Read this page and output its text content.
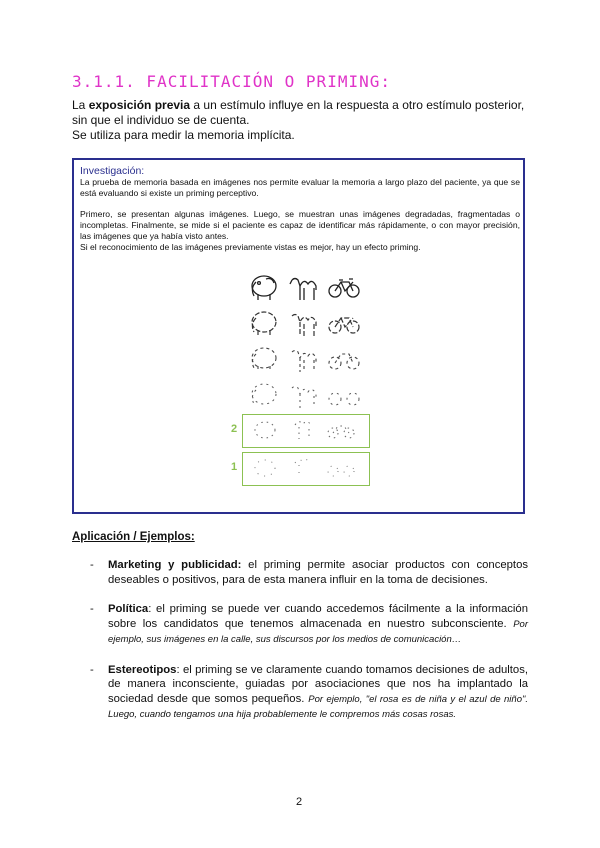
3.1.1. FACILITACIÓN O PRIMING:

La exposición previa a un estímulo influye en la respuesta a otro estímulo posterior, sin que el individuo se de cuenta.

Se utiliza para medir la memoria implícita.

Investigación:

La prueba de memoria basada en imágenes nos permite evaluar la memoria a largo plazo del paciente, ya que se está evaluando si existe un priming perceptivo.

Primero, se presentan algunas imágenes. Luego, se muestran unas imágenes degradadas, fragmentadas o incompletas. Finalmente, se mide si el paciente es capaz de identificar más rápidamente, o con mayor precisión, las imágenes que ya había visto antes.

Si el reconocimiento de las imágenes previamente vistas es mejor, hay un efecto priming.

2
1
Aplicación / Ejemplos:
- Marketing y publicidad: el priming permite asociar productos con conceptos deseables o positivos, para de esta manera influir en la toma de decisiones.
- Política: el priming se puede ver cuando accedemos fácilmente a la información sobre los candidatos que tenemos almacenada en nuestro subconsciente. Por ejemplo, sus imágenes en la calle, sus discursos por los medios de comunicación…
- Estereotipos: el priming se ve claramente cuando tomamos decisiones de adultos, de manera inconsciente, guiadas por asociaciones que nos ha implantado la sociedad desde que somos pequeños. Por ejemplo, "el rosa es de niña y el azul de niño". Luego, cuando tengamos una hija probablemente le compremos más cosas rosas.
2
